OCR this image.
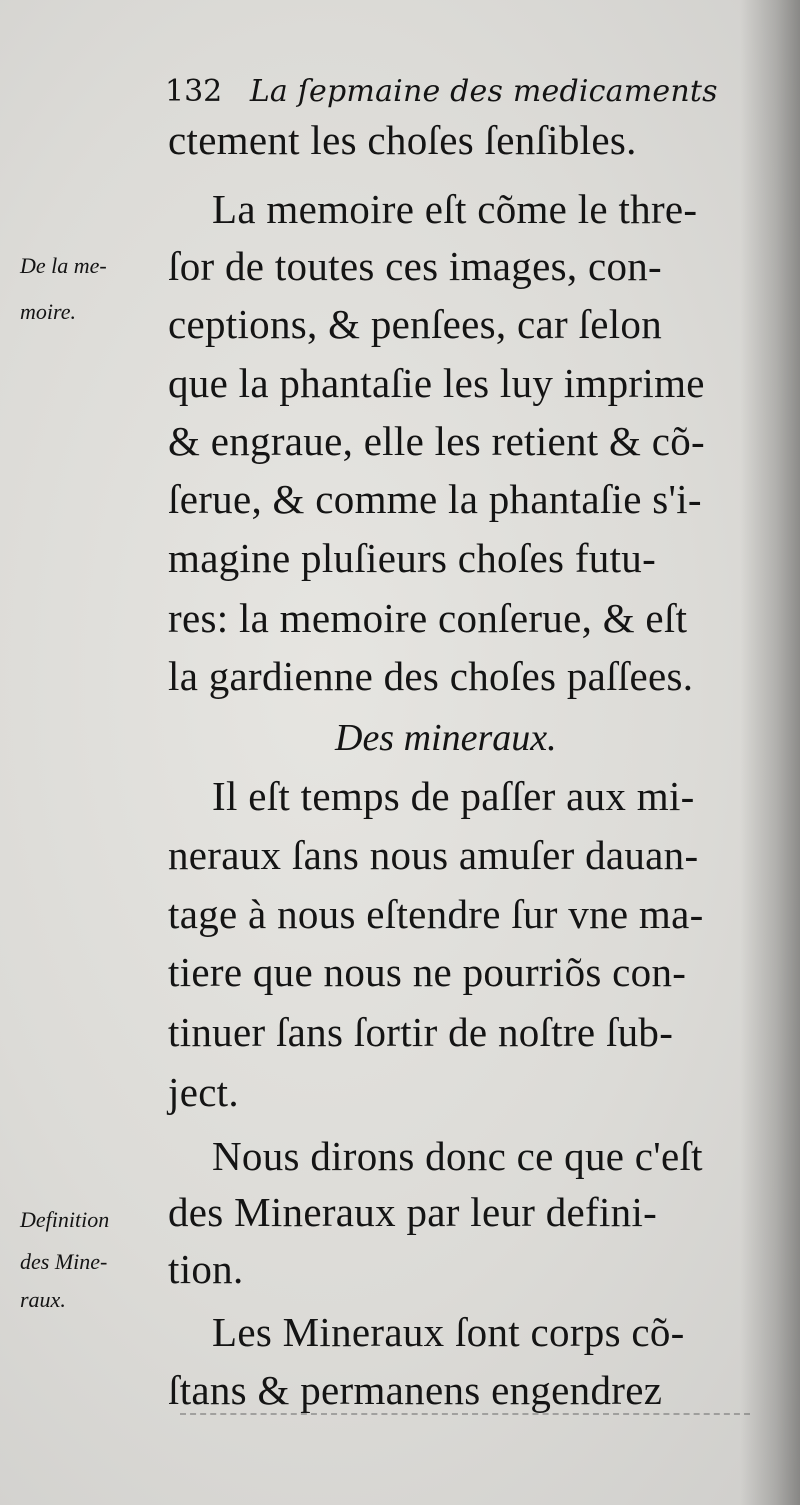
132 La ſepmaine des medicaments
ctement les choſes ſenſibles.
La memoire eſt cõme le thre-
ſor de toutes ces images, con-
ceptions, & penſees, car ſelon
que la phantaſie les luy imprime
& engraue, elle les retient & cõ-
ſerue, & comme la phantaſie s'i-
magine pluſieurs choſes futu-
res: la memoire conſerue, & eſt
la gardienne des choſes paſſees.
Des mineraux.
Il eſt temps de paſſer aux mi-
neraux ſans nous amuſer dauan-
tage à nous eſtendre ſur vne ma-
tiere que nous ne pourriõs con-
tinuer ſans ſortir de noſtre ſub-
ject.
Nous dirons donc ce que c'eſt
des Mineraux par leur defini-
tion.
Les Mineraux ſont corps cõ-
ſtans & permanens engendrez
De la me-
moire.
Definition
des Mine-
raux.
